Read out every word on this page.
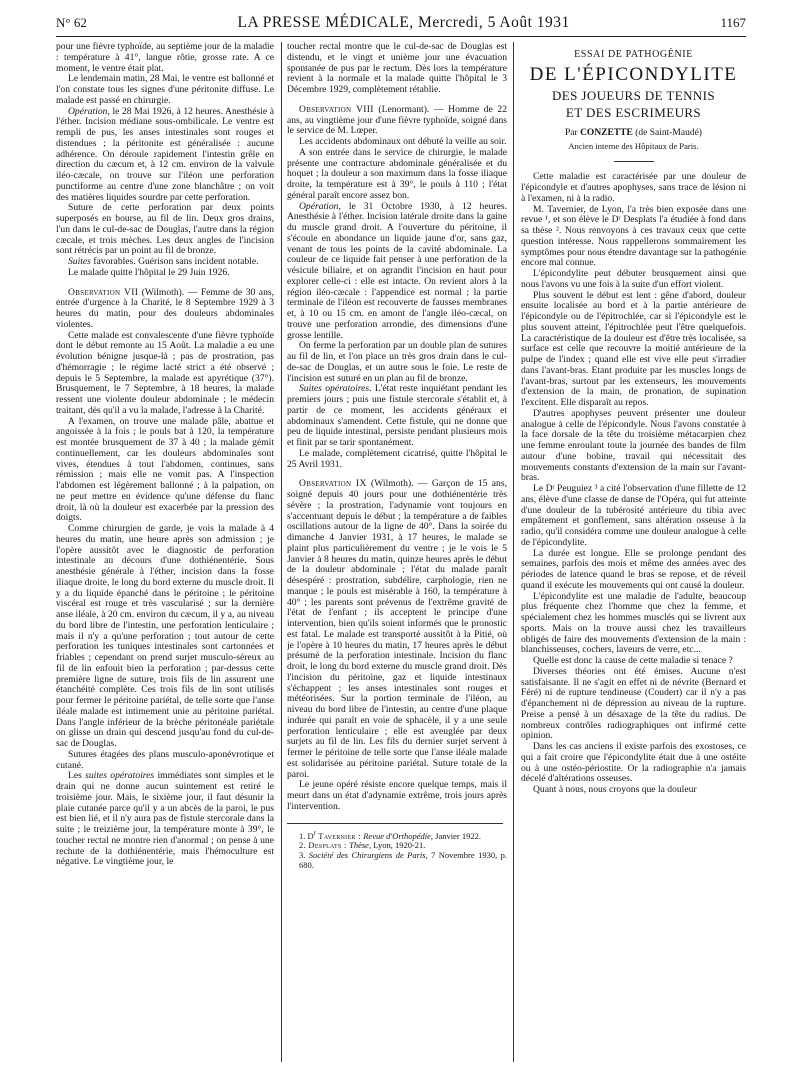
N° 62	LA PRESSE MÉDICALE, Mercredi, 5 Août 1931	1167

pour une fièvre typhoïde, au septième jour de la maladie : température à 41°, langue rôtie, grosse rate. A ce moment, le ventre était plat.

Le lendemain matin, 28 Mai, le ventre est ballonné et l'on constate tous les signes d'une péritonite diffuse. Le malade est passé en chirurgie.

Opération, le 28 Mai 1926, à 12 heures. Anesthésie à l'éther. Incision médiane sous-ombilicale. Le ventre est rempli de pus, les anses intestinales sont rouges et distendues ; la péritonite est généralisée : aucune adhérence. On déroule rapidement l'intestin grêle en direction du cæcum et, à 12 cm. environ de la valvule iléo-cæcale, on trouve sur l'iléon une perforation punctiforme au centre d'une zone blanchâtre ; on voit des matières liquides sourdre par cette perforation.

Suture de cette perforation par deux points superposés en bourse, au fil de lin. Deux gros drains, l'un dans le cul-de-sac de Douglas, l'autre dans la région cæcale, et trois mèches. Les deux angles de l'incision sont rétrécis par un point au fil de bronze.

Suites favorables. Guérison sans incident notable.

Le malade quitte l'hôpital le 29 Juin 1926.

Observation VII (Wilmoth). — Femme de 30 ans, entrée d'urgence à la Charité, le 8 Septembre 1929 à 3 heures du matin, pour des douleurs abdominales violentes.

Cette malade est convalescente d'une fièvre typhoïde dont le début remonte au 15 Août. La maladie a eu une évolution bénigne jusque-là ; pas de prostration, pas d'hémorragie ; le régime lacté strict a été observé ; depuis le 5 Septembre, la malade est apyrétique (37°). Brusquement, le 7 Septembre, à 18 heures, la malade ressent une violente douleur abdominale ; le médecin traitant, dès qu'il a vu la malade, l'adresse à la Charité.

A l'examen, on trouve une malade pâle, abattue et angoissée à la fois ; le pouls bat à 120, la température est montée brusquement de 37 à 40 ; la malade gémit continuellement, car les douleurs abdominales sont vives, étendues à tout l'abdomen, continues, sans rémission ; mais elle ne vomit pas. A l'inspection l'abdomen est légèrement ballonné ; à la palpation, on ne peut mettre en évidence qu'une défense du flanc droit, là où la douleur est exacerbée par la pression des doigts.

Comme chirurgien de garde, je vois la malade à 4 heures du matin, une heure après son admission ; je l'opère aussitôt avec le diagnostic de perforation intestinale au décours d'une dothiénentérie. Sous anesthésie générale à l'éther, incision dans la fosse iliaque droite, le long du bord externe du muscle droit. Il y a du liquide épanché dans le péritoine ; le péritoine viscéral est rouge et très vascularisé ; sur la dernière anse iléale, à 20 cm. environ du cæcum, il y a, au niveau du bord libre de l'intestin, une perforation lenticulaire ; mais il n'y a qu'une perforation ; tout autour de cette perforation les tuniques intestinales sont cartonnées et friables ; cependant on prend surjet musculo-séreux au fil de lin enfouit bien la perforation ; par-dessus cette première ligne de suture, trois fils de lin assurent une étanchéité complète. Ces trois fils de lin sont utilisés pour fermer le péritoine pariétal, de telle sorte que l'anse iléale malade est intimement unie au péritoine pariétal. Dans l'angle inférieur de la brèche péritonéale pariétale on glisse un drain qui descend jusqu'au fond du cul-de-sac de Douglas.

Sutures étagées des plans musculo-aponévrotique et cutané.

Les suites opératoires immédiates sont simples et le drain qui ne donne aucun suintement est retiré le troisième jour. Mais, le sixième jour, il faut désunir la plaie cutanée parce qu'il y a un abcès de la paroi, le pus est bien lié, et il n'y aura pas de fistule stercorale dans la suite ; le treizième jour, la température monte à 39°, le toucher rectal ne montre rien d'anormal ; on pense à une rechute de la dothiénentérie, mais l'hémoculture est négative. Le vingtième jour, le

toucher rectal montre que le cul-de-sac de Douglas est distendu, et le vingt et unième jour une évacuation spontanée de pus par le rectum. Dès lors la température revient à la normale et la malade quitte l'hôpital le 3 Décembre 1929, complètement rétablie.

Observation VIII (Lenormant). — Homme de 22 ans, au vingtième jour d'une fièvre typhoïde, soigné dans le service de M. Lœper.

Les accidents abdominaux ont débuté la veille au soir.

A son entrée dans le service de chirurgie, le malade présente une contracture abdominale généralisée et du hoquet ; la douleur a son maximum dans la fosse iliaque droite, la température est à 39°, le pouls à 110 ; l'état général paraît encore assez bon.

Opération, le 31 Octobre 1930, à 12 heures. Anesthésie à l'éther. Incision latérale droite dans la gaine du muscle grand droit. A l'ouverture du péritoine, il s'écoule en abondance un liquide jaune d'or, sans gaz, venant de tous les points de la cavité abdominale. La couleur de ce liquide fait penser à une perforation de la vésicule biliaire, et on agrandit l'incision en haut pour explorer celle-ci : elle est intacte. On revient alors à la région iléo-cæcale : l'appendice est normal ; la partie terminale de l'iléon est recouverte de fausses membranes et, à 10 ou 15 cm. en amont de l'angle iléo-cæcal, on trouve une perforation arrondie, des dimensions d'une grosse lentille.

On ferme la perforation par un double plan de sutures au fil de lin, et l'on place un très gros drain dans le cul-de-sac de Douglas, et un autre sous le foie. Le reste de l'incision est suturé en un plan au fil de bronze.

Suites opératoires. L'état reste inquiétant pendant les premiers jours ; puis une fistule stercorale s'établit et, à partir de ce moment, les accidents généraux et abdominaux s'amendent. Cette fistule, qui ne donne que peu de liquide intestinal, persiste pendant plusieurs mois et finit par se tarir spontanément.

Le malade, complètement cicatrisé, quitte l'hôpital le 25 Avril 1931.

Observation IX (Wilmoth). — Garçon de 15 ans, soigné depuis 40 jours pour une dothiénentérie très sévère ; la prostration, l'adynamie vont toujours en s'accentuant depuis le début ; la température a de faibles oscillations autour de la ligne de 40°. Dans la soirée du dimanche 4 Janvier 1931, à 17 heures, le malade se plaint plus particulièrement du ventre ; je le vois le 5 Janvier à 8 heures du matin, quinze heures après le début de la douleur abdominale ; l'état du malade paraît désespéré : prostration, subdélire, carphologie, rien ne manque ; le pouls est misérable à 160, la température à 40° ; les parents sont prévenus de l'extrême gravité de l'état de l'enfant ; ils acceptent le principe d'une intervention, bien qu'ils soient informés que le pronostic est fatal. Le malade est transporté aussitôt à la Pitié, où je l'opère à 10 heures du matin, 17 heures après le début présumé de la perforation intestinale. Incision du flanc droit, le long du bord externe du muscle grand droit. Dès l'incision du péritoine, gaz et liquide intestinaux s'échappent ; les anses intestinales sont rouges et météorisées. Sur la portion terminale de l'iléon, au niveau du bord libre de l'intestin, au centre d'une plaque indurée qui paraît en voie de sphacèle, il y a une seule perforation lenticulaire ; elle est aveuglée par deux surjets au fil de lin. Les fils du dernier surjet servent à fermer le péritoine de telle sorte que l'anse iléale malade est solidarisée au péritoine pariétal. Suture totale de la paroi.

Le jeune opéré résiste encore quelque temps, mais il meurt dans un état d'adynamie extrême, trois jours après l'intervention.

1. $D^r$ Tavernier : Revue d'Orthopédie, Janvier 1922.

2. Desplats : Thèse, Lyon, 1920-21.

3. Société des Chirurgiens de Paris, 7 Novembre 1930, p. 680.

ESSAI DE PATHOGÉNIE
DE L'ÉPICONDYLITE
DES JOUEURS DE TENNIS
ET DES ESCRIMEURS
Par CONZETTE (de Saint-Maudé)
Ancien interne des Hôpitaux de Paris.

Cette maladie est caractérisée par une douleur de l'épicondyle et d'autres apophyses, sans trace de lésion ni à l'examen, ni à la radio.

M. Tavernier, de Lyon, l'a très bien exposée dans une revue ¹, et son élève le Dʳ Desplats l'a étudiée à fond dans sa thèse ². Nous renvoyons à ces travaux ceux que cette question intéresse. Nous rappellerons sommairement les symptômes pour nous étendre davantage sur la pathogénie encore mal connue.

L'épicondylite peut débuter brusquement ainsi que nous l'avons vu une fois à la suite d'un effort violent.

Plus souvent le début est lent : gêne d'abord, douleur ensuite localisée au bord et à la partie antérieure de l'épicondyle ou de l'épitrochlée, car si l'épicondyle est le plus souvent atteint, l'épitrochlée peut l'être quelquefois. La caractéristique de la douleur est d'être très localisée, sa surface est celle que recouvre la moitié antérieure de la pulpe de l'index ; quand elle est vive elle peut s'irradier dans l'avant-bras. Etant produite par les muscles longs de l'avant-bras, surtout par les extenseurs, les mouvements d'extension de la main, de pronation, de supination l'excitent. Elle disparaît au repos.

D'autres apophyses peuvent présenter une douleur analogue à celle de l'épicondyle. Nous l'avons constatée à la face dorsale de la tête du troisième métacarpien chez une femme enroulant toute la journée des bandes de film autour d'une bobine, travail qui nécessitait des mouvements constants d'extension de la main sur l'avant-bras.

Le Dʳ Peuguiez ³ a cité l'observation d'une fillette de 12 ans, élève d'une classe de danse de l'Opéra, qui fut atteinte d'une douleur de la tubérosité antérieure du tibia avec empâtement et gonflement, sans altération osseuse à la radio, qu'il considéra comme une douleur analogue à celle de l'épicondylite.

La durée est longue. Elle se prolonge pendant des semaines, parfois des mois et même des années avec des périodes de latence quand le bras se repose, et de réveil quand il exécute les mouvements qui ont causé la douleur.

L'épicondylite est une maladie de l'adulte, beaucoup plus fréquente chez l'homme que chez la femme, et spécialement chez les hommes musclés qui se livrent aux sports. Mais on la trouve aussi chez les travailleurs obligés de faire des mouvements d'extension de la main : blanchisseuses, cochers, laveurs de verre, etc...

Quelle est donc la cause de cette maladie si tenace ?

Diverses théories ont été émises. Aucune n'est satisfaisante. Il ne s'agit en effet ni de névrite (Bernard et Féré) ni de rupture tendineuse (Coudert) car il n'y a pas d'épanchement ni de dépression au niveau de la rupture. Preise a pensé à un désaxage de la tête du radius. De nombreux contrôles radiographiques ont infirmé cette opinion.

Dans les cas anciens il existe parfois des exostoses, ce qui a fait croire que l'épicondylite était due à une ostéite ou à une ostéo-périostite. Or la radiographie n'a jamais décelé d'altérations osseuses.

Quant à nous, nous croyons que la douleur
